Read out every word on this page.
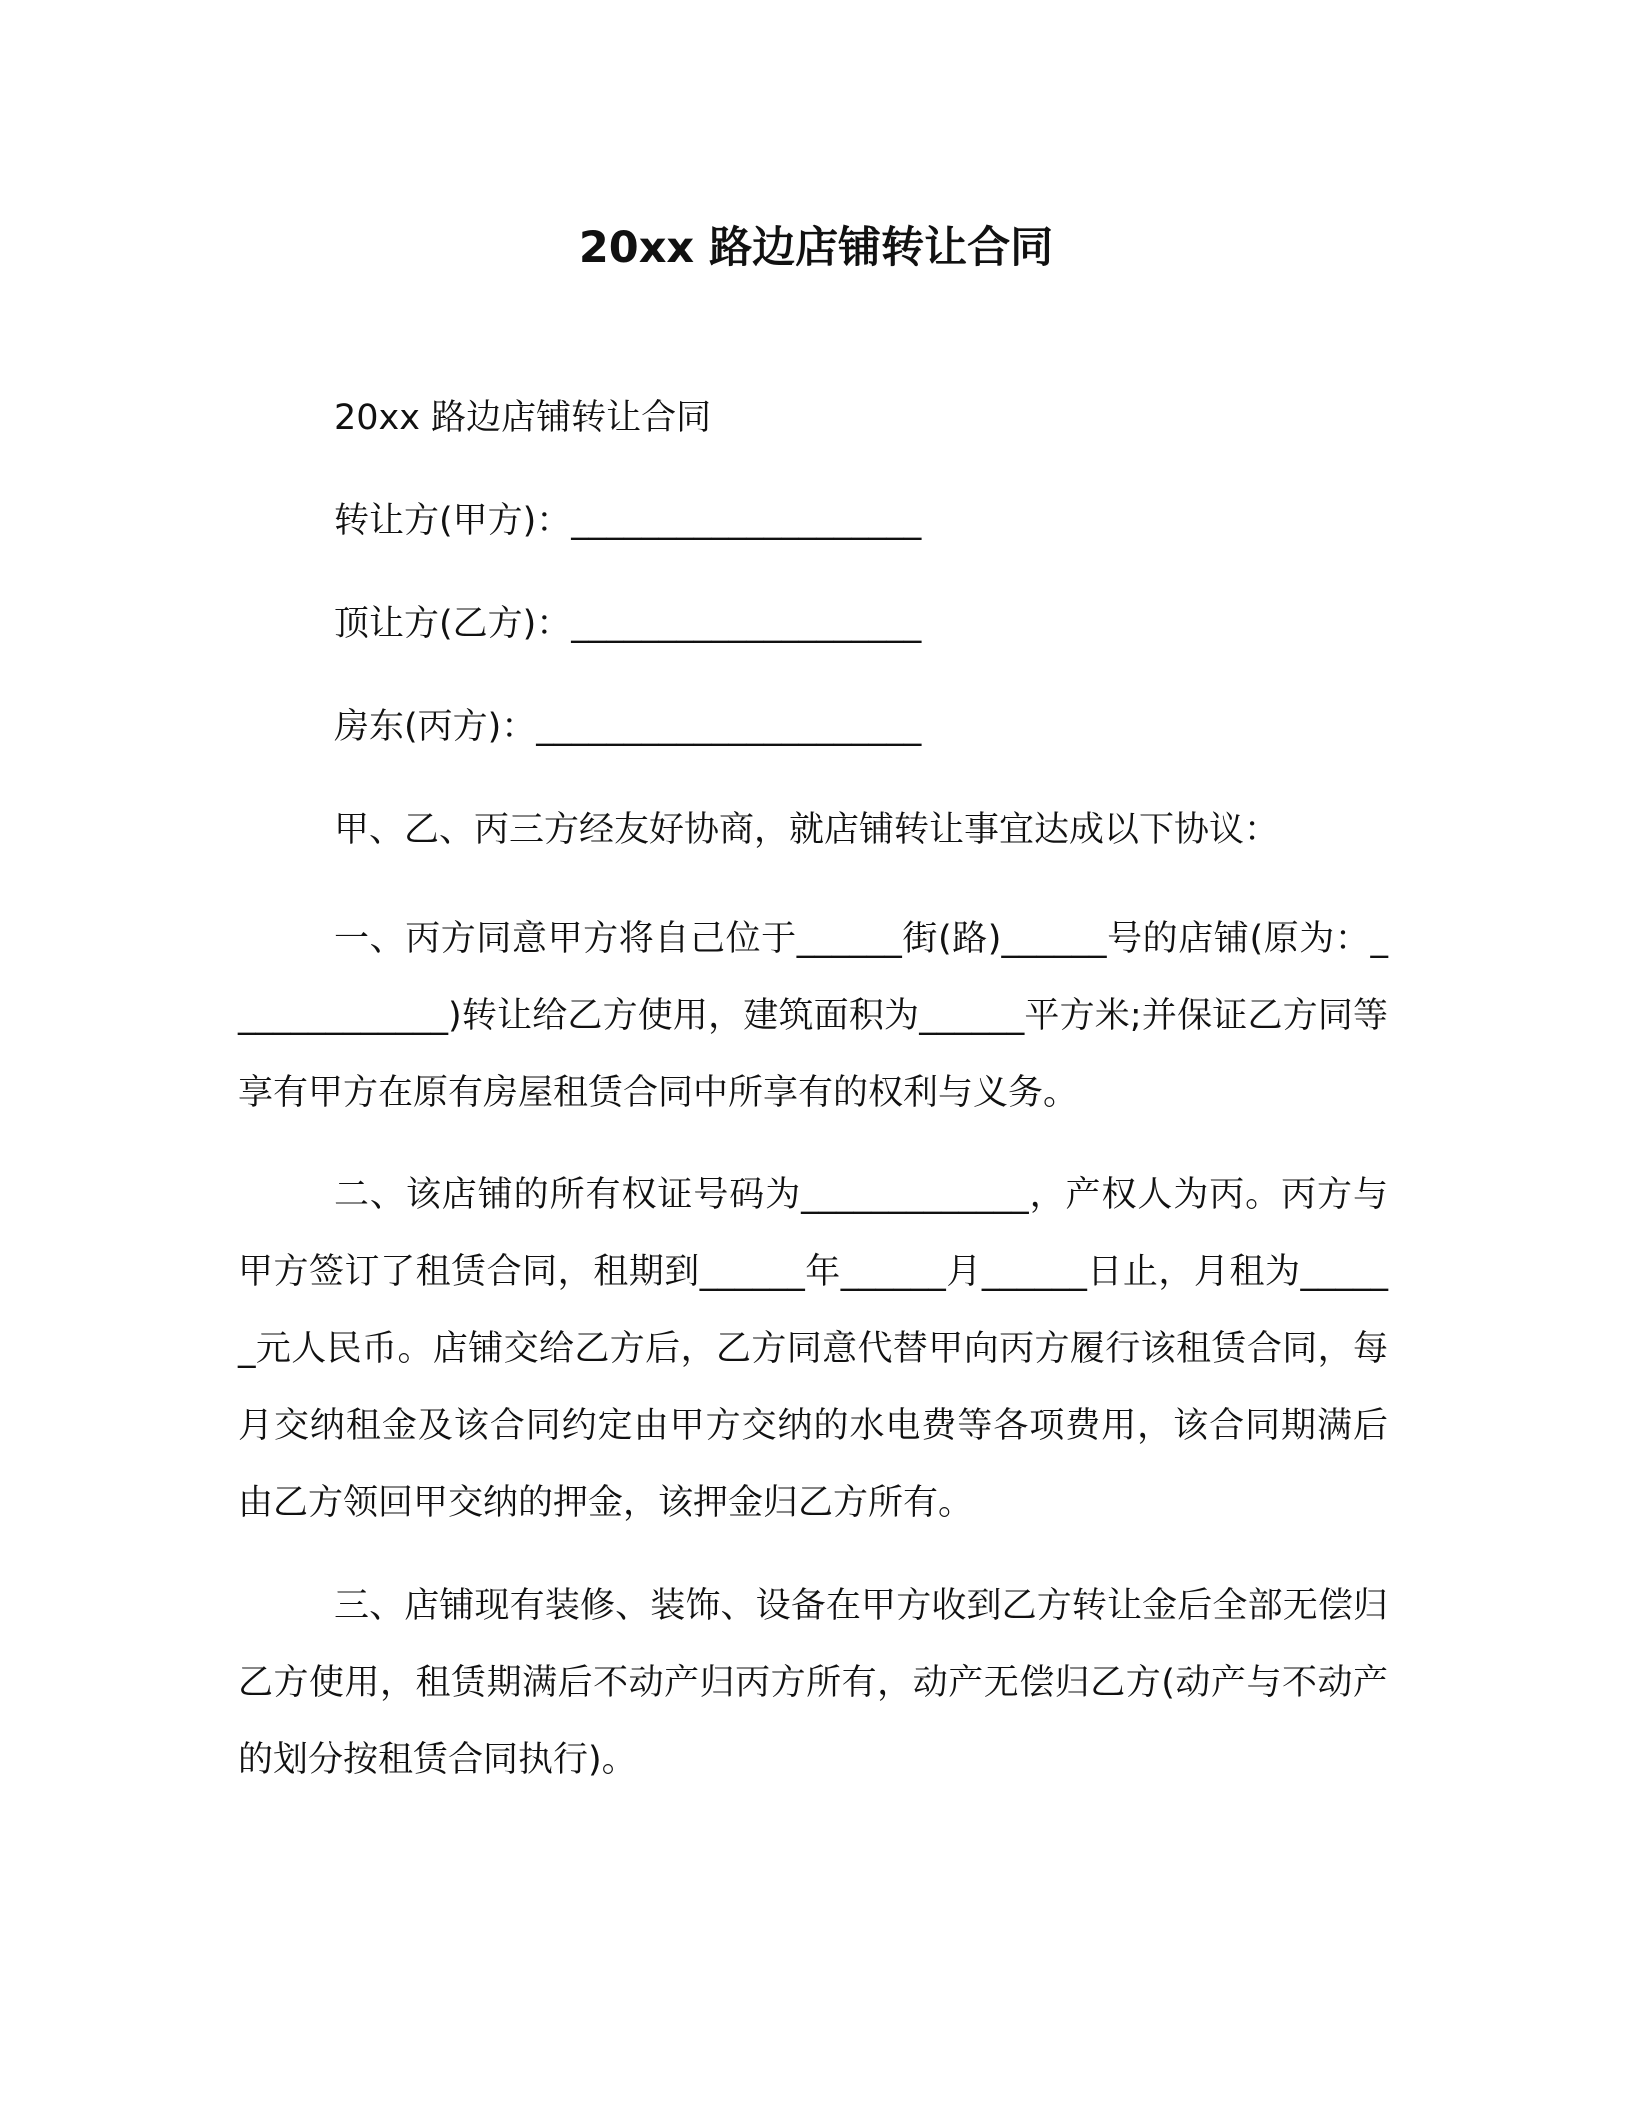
20xx 路边店铺转让合同

20xx 路边店铺转让合同

转让方(甲方)：____________________

顶让方(乙方)：____________________

房东(丙方)：______________________

甲、乙、丙三方经友好协商，就店铺转让事宜达成以下协议：

一、丙方同意甲方将自己位于______街(路)______号的店铺(原为：_____________)转让给乙方使用，建筑面积为______平方米;并保证乙方同等享有甲方在原有房屋租赁合同中所享有的权利与义务。

二、该店铺的所有权证号码为_____________，产权人为丙。丙方与甲方签订了租赁合同，租期到______年______月______日止，月租为______元人民币。店铺交给乙方后，乙方同意代替甲向丙方履行该租赁合同，每月交纳租金及该合同约定由甲方交纳的水电费等各项费用，该合同期满后由乙方领回甲交纳的押金，该押金归乙方所有。

三、店铺现有装修、装饰、设备在甲方收到乙方转让金后全部无偿归乙方使用，租赁期满后不动产归丙方所有，动产无偿归乙方(动产与不动产的划分按租赁合同执行)。
